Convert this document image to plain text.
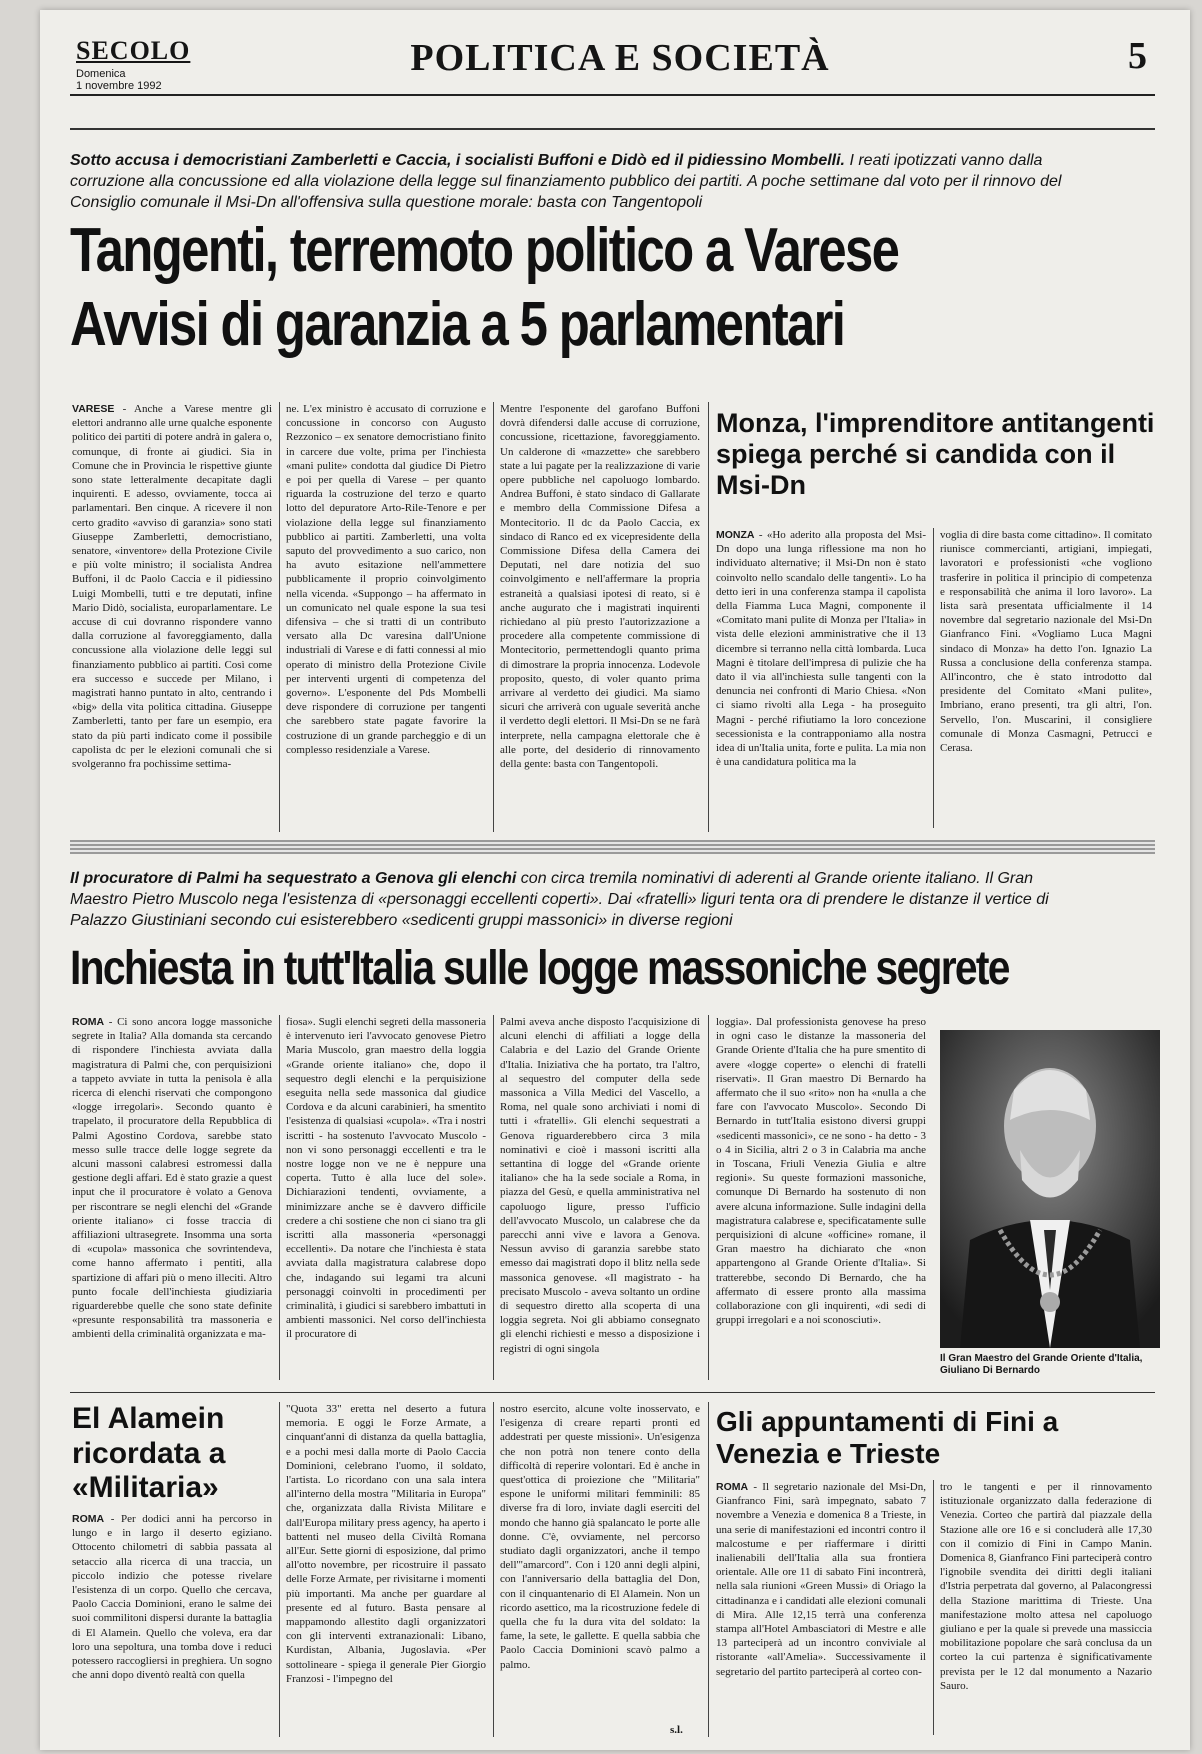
SECOLO
Domenica
1 novembre 1992
POLITICA E SOCIETÀ	5
Sotto accusa i democristiani Zamberletti e Caccia, i socialisti Buffoni e Didò ed il pidiessino Mombelli. I reati ipotizzati vanno dalla corruzione alla concussione ed alla violazione della legge sul finanziamento pubblico dei partiti. A poche settimane dal voto per il rinnovo del Consiglio comunale il Msi-Dn all'offensiva sulla questione morale: basta con Tangentopoli
Tangenti, terremoto politico a Varese
Avvisi di garanzia a 5 parlamentari
VARESE - Anche a Varese mentre gli elettori andranno alle urne qualche esponente politico dei partiti di potere andrà in galera o, comunque, di fronte ai giudici. Sia in Comune che in Provincia le rispettive giunte sono state letteralmente decapitate dagli inquirenti. E adesso, ovviamente, tocca ai parlamentari. Ben cinque. A ricevere il non certo gradito «avviso di garanzia» sono stati Giuseppe Zamberletti, democristiano, senatore, «inventore» della Protezione Civile e più volte ministro; il socialista Andrea Buffoni, il dc Paolo Caccia e il pidiessino Luigi Mombelli, tutti e tre deputati, infine Mario Didò, socialista, europarlamentare. Le accuse di cui dovranno rispondere vanno dalla corruzione al favoreggiamento, dalla concussione alla violazione delle leggi sul finanziamento pubblico ai partiti. Così come era successo e succede per Milano, i magistrati hanno puntato in alto, centrando i «big» della vita politica cittadina. Giuseppe Zamberletti, tanto per fare un esempio, era stato da più parti indicato come il possibile capolista dc per le elezioni comunali che si svolgeranno fra pochissime settima-
ne. L'ex ministro è accusato di corruzione e concussione in concorso con Augusto Rezzonico – ex senatore democristiano finito in carcere due volte, prima per l'inchiesta «mani pulite» condotta dal giudice Di Pietro e poi per quella di Varese – per quanto riguarda la costruzione del terzo e quarto lotto del depuratore Arto-Rile-Tenore e per violazione della legge sul finanziamento pubblico ai partiti. Zamberletti, una volta saputo del provvedimento a suo carico, non ha avuto esitazione nell'ammettere pubblicamente il proprio coinvolgimento nella vicenda. «Suppongo – ha affermato in un comunicato nel quale espone la sua tesi difensiva – che si tratti di un contributo versato alla Dc varesina dall'Unione industriali di Varese e di fatti connessi al mio operato di ministro della Protezione Civile per interventi urgenti di competenza del governo». L'esponente del Pds Mombelli deve rispondere di corruzione per tangenti che sarebbero state pagate favorire la costruzione di un grande parcheggio e di un complesso residenziale a Varese.
Mentre l'esponente del garofano Buffoni dovrà difendersi dalle accuse di corruzione, concussione, ricettazione, favoreggiamento. Un calderone di «mazzette» che sarebbero state a lui pagate per la realizzazione di varie opere pubbliche nel capoluogo lombardo. Andrea Buffoni, è stato sindaco di Gallarate e membro della Commissione Difesa a Montecitorio. Il dc da Paolo Caccia, ex sindaco di Ranco ed ex vicepresidente della Commissione Difesa della Camera dei Deputati, nel dare notizia del suo coinvolgimento e nell'affermare la propria estraneità a qualsiasi ipotesi di reato, si è anche augurato che i magistrati inquirenti richiedano al più presto l'autorizzazione a procedere alla competente commissione di Montecitorio, permettendogli quanto prima di dimostrare la propria innocenza. Lodevole proposito, questo, di voler quanto prima arrivare al verdetto dei giudici. Ma siamo sicuri che arriverà con uguale severità anche il verdetto degli elettori. Il Msi-Dn se ne farà interprete, nella campagna elettorale che è alle porte, del desiderio di rinnovamento della gente: basta con Tangentopoli.
Monza, l'imprenditore antitangenti spiega perché si candida con il Msi-Dn
MONZA - «Ho aderito alla proposta del Msi-Dn dopo una lunga riflessione ma non ho individuato alternative; il Msi-Dn non è stato coinvolto nello scandalo delle tangenti». Lo ha detto ieri in una conferenza stampa il capolista della Fiamma Luca Magni, componente il «Comitato mani pulite di Monza per l'Italia» in vista delle elezioni amministrative che il 13 dicembre si terranno nella città lombarda. Luca Magni è titolare dell'impresa di pulizie che ha dato il via all'inchiesta sulle tangenti con la denuncia nei confronti di Mario Chiesa. «Non ci siamo rivolti alla Lega - ha proseguito Magni - perché rifiutiamo la loro concezione secessionista e la contrapponiamo alla nostra idea di un'Italia unita, forte e pulita. La mia non è una candidatura politica ma la
voglia di dire basta come cittadino». Il comitato riunisce commercianti, artigiani, impiegati, lavoratori e professionisti «che vogliono trasferire in politica il principio di competenza e responsabilità che anima il loro lavoro». La lista sarà presentata ufficialmente il 14 novembre dal segretario nazionale del Msi-Dn Gianfranco Fini. «Vogliamo Luca Magni sindaco di Monza» ha detto l'on. Ignazio La Russa a conclusione della conferenza stampa. All'incontro, che è stato introdotto dal presidente del Comitato «Mani pulite», Imbriano, erano presenti, tra gli altri, l'on. Servello, l'on. Muscarini, il consigliere comunale di Monza Casmagni, Petrucci e Cerasa.
Il procuratore di Palmi ha sequestrato a Genova gli elenchi con circa tremila nominativi di aderenti al Grande oriente italiano. Il Gran Maestro Pietro Muscolo nega l'esistenza di «personaggi eccellenti coperti». Dai «fratelli» liguri tenta ora di prendere le distanze il vertice di Palazzo Giustiniani secondo cui esisterebbero «sedicenti gruppi massonici» in diverse regioni
Inchiesta in tutt'Italia sulle logge massoniche segrete
ROMA - Ci sono ancora logge massoniche segrete in Italia? Alla domanda sta cercando di rispondere l'inchiesta avviata dalla magistratura di Palmi che, con perquisizioni a tappeto avviate in tutta la penisola è alla ricerca di elenchi riservati che compongono «logge irregolari». Secondo quanto è trapelato, il procuratore della Repubblica di Palmi Agostino Cordova, sarebbe stato messo sulle tracce delle logge segrete da alcuni massoni calabresi estromessi dalla gestione degli affari. Ed è stato grazie a quest input che il procuratore è volato a Genova per riscontrare se negli elenchi del «Grande oriente italiano» ci fosse traccia di affiliazioni ultrasegrete. Insomma una sorta di «cupola» massonica che sovrintendeva, come hanno affermato i pentiti, alla spartizione di affari più o meno illeciti. Altro punto focale dell'inchiesta giudiziaria riguarderebbe quelle che sono state definite «presunte responsabilità tra massoneria e ambienti della criminalità organizzata e ma-
fiosa». Sugli elenchi segreti della massoneria è intervenuto ieri l'avvocato genovese Pietro Maria Muscolo, gran maestro della loggia «Grande oriente italiano» che, dopo il sequestro degli elenchi e la perquisizione eseguita nella sede massonica dal giudice Cordova e da alcuni carabinieri, ha smentito l'esistenza di qualsiasi «cupola». «Tra i nostri iscritti - ha sostenuto l'avvocato Muscolo - non vi sono personaggi eccellenti e tra le nostre logge non ve ne è neppure una coperta. Tutto è alla luce del sole». Dichiarazioni tendenti, ovviamente, a minimizzare anche se è davvero difficile credere a chi sostiene che non ci siano tra gli iscritti alla massoneria «personaggi eccellenti». Da notare che l'inchiesta è stata avviata dalla magistratura calabrese dopo che, indagando sui legami tra alcuni personaggi coinvolti in procedimenti per criminalità, i giudici si sarebbero imbattuti in ambienti massonici. Nel corso dell'inchiesta il procuratore di
Palmi aveva anche disposto l'acquisizione di alcuni elenchi di affiliati a logge della Calabria e del Lazio del Grande Oriente d'Italia. Iniziativa che ha portato, tra l'altro, al sequestro del computer della sede massonica a Villa Medici del Vascello, a Roma, nel quale sono archiviati i nomi di tutti i «fratelli». Gli elenchi sequestrati a Genova riguarderebbero circa 3 mila nominativi e cioè i massoni iscritti alla settantina di logge del «Grande oriente italiano» che ha la sede sociale a Roma, in piazza del Gesù, e quella amministrativa nel capoluogo ligure, presso l'ufficio dell'avvocato Muscolo, un calabrese che da parecchi anni vive e lavora a Genova. Nessun avviso di garanzia sarebbe stato emesso dai magistrati dopo il blitz nella sede massonica genovese. «Il magistrato - ha precisato Muscolo - aveva soltanto un ordine di sequestro diretto alla scoperta di una loggia segreta. Noi gli abbiamo consegnato gli elenchi richiesti e messo a disposizione i registri di ogni singola
loggia». Dal professionista genovese ha preso in ogni caso le distanze la massoneria del Grande Oriente d'Italia che ha pure smentito di avere «logge coperte» o elenchi di fratelli riservati». Il Gran maestro Di Bernardo ha affermato che il suo «rito» non ha «nulla a che fare con l'avvocato Muscolo». Secondo Di Bernardo in tutt'Italia esistono diversi gruppi «sedicenti massonici», ce ne sono - ha detto - 3 o 4 in Sicilia, altri 2 o 3 in Calabria ma anche in Toscana, Friuli Venezia Giulia e altre regioni». Su queste formazioni massoniche, comunque Di Bernardo ha sostenuto di non avere alcuna informazione. Sulle indagini della magistratura calabrese e, specificatamente sulle perquisizioni di alcune «officine» romane, il Gran maestro ha dichiarato che «non appartengono al Grande Oriente d'Italia». Si tratterebbe, secondo Di Bernardo, che ha affermato di essere pronto alla massima collaborazione con gli inquirenti, «di sedi di gruppi irregolari e a noi sconosciuti».
Il Gran Maestro del Grande Oriente d'Italia, Giuliano Di Bernardo
El Alamein ricordata a «Militaria»
ROMA - Per dodici anni ha percorso in lungo e in largo il deserto egiziano. Ottocento chilometri di sabbia passata al setaccio alla ricerca di una traccia, un piccolo indizio che potesse rivelare l'esistenza di un corpo. Quello che cercava, Paolo Caccia Dominioni, erano le salme dei suoi commilitoni dispersi durante la battaglia di El Alamein. Quello che voleva, era dar loro una sepoltura, una tomba dove i reduci potessero raccogliersi in preghiera. Un sogno che anni dopo diventò realtà con quella
"Quota 33" eretta nel deserto a futura memoria. E oggi le Forze Armate, a cinquant'anni di distanza da quella battaglia, e a pochi mesi dalla morte di Paolo Caccia Dominioni, celebrano l'uomo, il soldato, l'artista. Lo ricordano con una sala intera all'interno della mostra "Militaria in Europa" che, organizzata dalla Rivista Militare e dall'Europa military press agency, ha aperto i battenti nel museo della Civiltà Romana all'Eur. Sette giorni di esposizione, dal primo all'otto novembre, per ricostruire il passato delle Forze Armate, per rivisitarne i momenti più importanti. Ma anche per guardare al presente ed al futuro. Basta pensare al mappamondo allestito dagli organizzatori con gli interventi extranazionali: Libano, Kurdistan, Albania, Jugoslavia. «Per sottolineare - spiega il generale Pier Giorgio Franzosi - l'impegno del
nostro esercito, alcune volte inosservato, e l'esigenza di creare reparti pronti ed addestrati per queste missioni». Un'esigenza che non potrà non tenere conto della difficoltà di reperire volontari. Ed è anche in quest'ottica di proiezione che "Militaria" espone le uniformi militari femminili: 85 diverse fra di loro, inviate dagli eserciti del mondo che hanno già spalancato le porte alle donne. C'è, ovviamente, nel percorso studiato dagli organizzatori, anche il tempo dell'"amarcord". Con i 120 anni degli alpini, con l'anniversario della battaglia del Don, con il cinquantenario di El Alamein. Non un ricordo asettico, ma la ricostruzione fedele di quella che fu la dura vita del soldato: la fame, la sete, le gallette. E quella sabbia che Paolo Caccia Dominioni scavò palmo a palmo.
s.l.
Gli appuntamenti di Fini a Venezia e Trieste
ROMA - Il segretario nazionale del Msi-Dn, Gianfranco Fini, sarà impegnato, sabato 7 novembre a Venezia e domenica 8 a Trieste, in una serie di manifestazioni ed incontri contro il malcostume e per riaffermare i diritti inalienabili dell'Italia alla sua frontiera orientale. Alle ore 11 di sabato Fini incontrerà, nella sala riunioni «Green Mussi» di Oriago la cittadinanza e i candidati alle elezioni comunali di Mira. Alle 12,15 terrà una conferenza stampa all'Hotel Ambasciatori di Mestre e alle 13 parteciperà ad un incontro conviviale al ristorante «all'Amelia». Successivamente il segretario del partito parteciperà al corteo con-
tro le tangenti e per il rinnovamento istituzionale organizzato dalla federazione di Venezia. Corteo che partirà dal piazzale della Stazione alle ore 16 e si concluderà alle 17,30 con il comizio di Fini in Campo Manin. Domenica 8, Gianfranco Fini parteciperà contro l'ignobile svendita dei diritti degli italiani d'Istria perpetrata dal governo, al Palacongressi della Stazione marittima di Trieste. Una manifestazione molto attesa nel capoluogo giuliano e per la quale si prevede una massiccia mobilitazione popolare che sarà conclusa da un corteo la cui partenza è significativamente prevista per le 12 dal monumento a Nazario Sauro.
